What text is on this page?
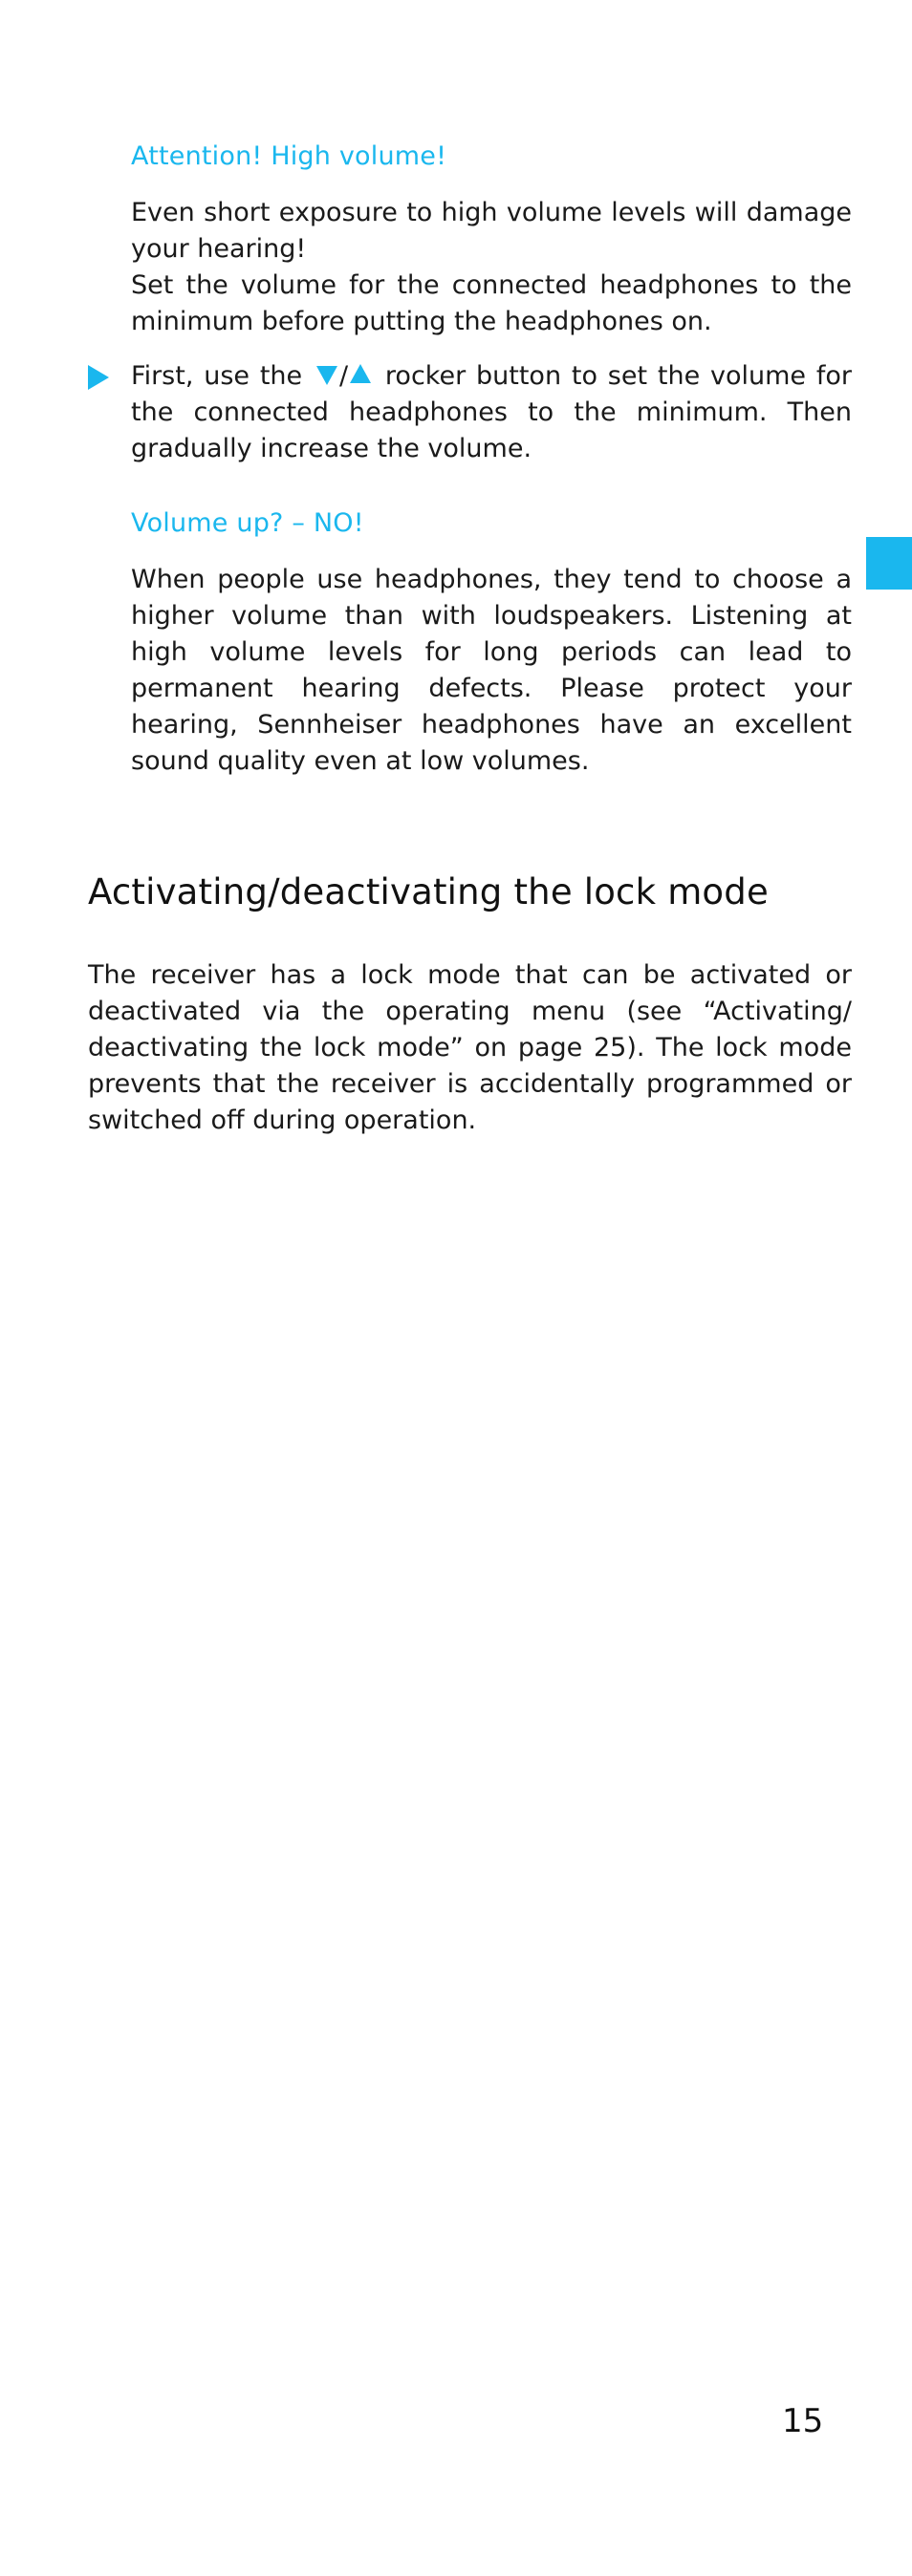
Attention! High volume!

Even short exposure to high volume levels will damage your hearing!

Set the volume for the connected headphones to the minimum before putting the headphones on.

First, use the / rocker button to set the volume for the connected headphones to the minimum. Then gradually increase the volume.

Volume up? – NO!

When people use headphones, they tend to choose a higher volume than with loudspeakers. Listening at high volume levels for long periods can lead to permanent hearing defects. Please protect your hearing, Sennheiser headphones have an excellent sound quality even at low volumes.

Activating/deactivating the lock mode

The receiver has a lock mode that can be activated or deactivated via the operating menu (see “Activating/ deactivating the lock mode” on page 25). The lock mode prevents that the receiver is accidentally programmed or switched off during operation.

15
